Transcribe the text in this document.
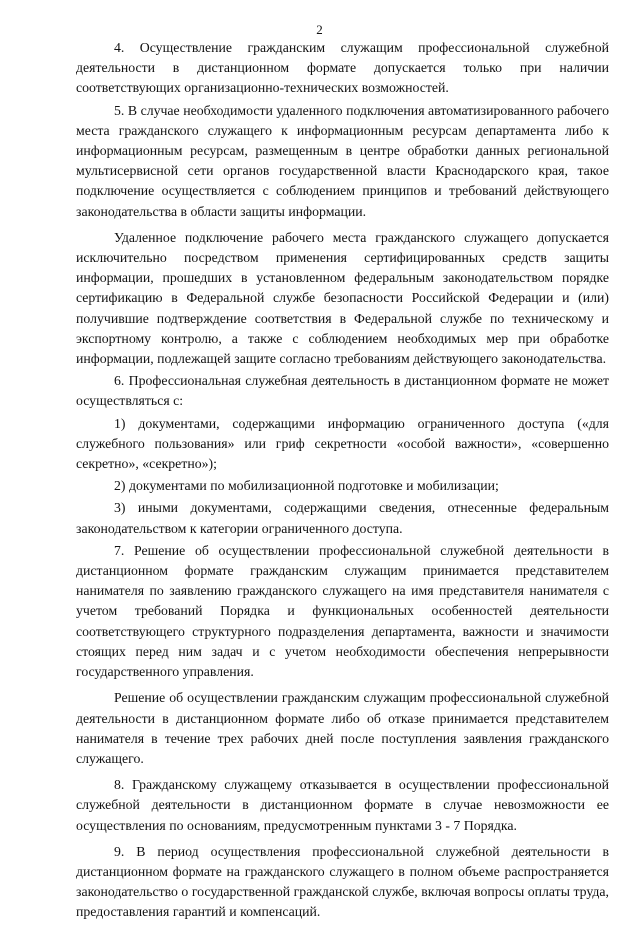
2

4. Осуществление гражданским служащим профессиональной служебной деятельности в дистанционном формате допускается только при наличии соответствующих организационно-технических возможностей.

5. В случае необходимости удаленного подключения автоматизированного рабочего места гражданского служащего к информационным ресурсам департамента либо к информационным ресурсам, размещенным в центре обработки данных региональной мультисервисной сети органов государственной власти Краснодарского края, такое подключение осуществляется с соблюдением принципов и требований действующего законодательства в области защиты информации.

Удаленное подключение рабочего места гражданского служащего допускается исключительно посредством применения сертифицированных средств защиты информации, прошедших в установленном федеральным законодательством порядке сертификацию в Федеральной службе безопасности Российской Федерации и (или) получившие подтверждение соответствия в Федеральной службе по техническому и экспортному контролю, а также с соблюдением необходимых мер при обработке информации, подлежащей защите согласно требованиям действующего законодательства.

6. Профессиональная служебная деятельность в дистанционном формате не может осуществляться с:

1) документами, содержащими информацию ограниченного доступа («для служебного пользования» или гриф секретности «особой важности», «совершенно секретно», «секретно»);

2) документами по мобилизационной подготовке и мобилизации;

3) иными документами, содержащими сведения, отнесенные федеральным законодательством к категории ограниченного доступа.

7. Решение об осуществлении профессиональной служебной деятельности в дистанционном формате гражданским служащим принимается представителем нанимателя по заявлению гражданского служащего на имя представителя нанимателя с учетом требований Порядка и функциональных особенностей деятельности соответствующего структурного подразделения департамента, важности и значимости стоящих перед ним задач и с учетом необходимости обеспечения непрерывности государственного управления.

Решение об осуществлении гражданским служащим профессиональной служебной деятельности в дистанционном формате либо об отказе принимается представителем нанимателя в течение трех рабочих дней после поступления заявления гражданского служащего.

8. Гражданскому служащему отказывается в осуществлении профессиональной служебной деятельности в дистанционном формате в случае невозможности ее осуществления по основаниям, предусмотренным пунктами 3 - 7 Порядка.

9. В период осуществления профессиональной служебной деятельности в дистанционном формате на гражданского служащего в полном объеме распространяется законодательство о государственной гражданской службе, включая вопросы оплаты труда, предоставления гарантий и компенсаций.
